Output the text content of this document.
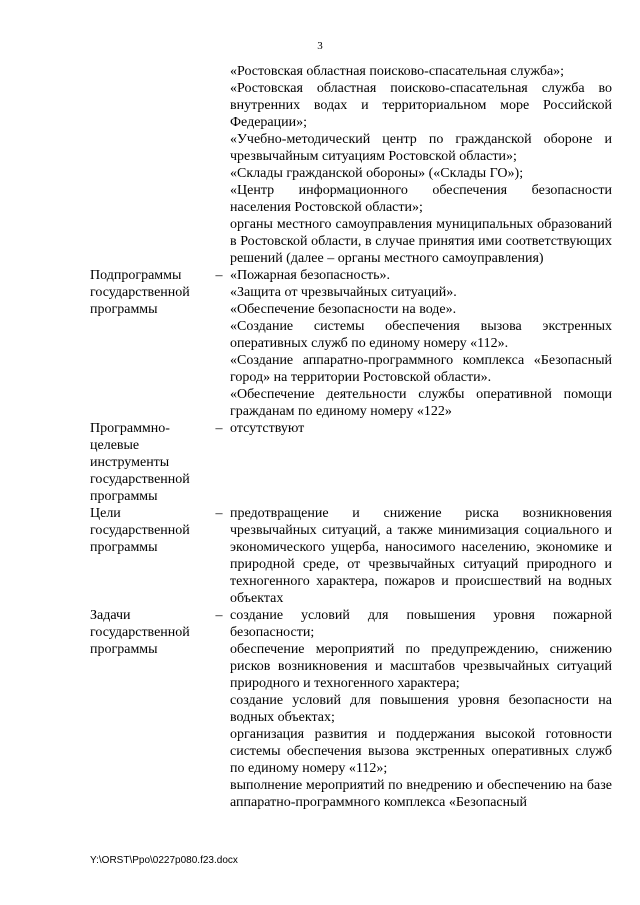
3

«Ростовская областная поисково-спасательная служба»;

«Ростовская областная поисково-спасательная служба во внутренних водах и территориальном море Российской Федерации»;

«Учебно-методический центр по гражданской обороне и чрезвычайным ситуациям Ростовской области»;

«Склады гражданской обороны» («Склады ГО»);

«Центр информационного обеспечения безопасности населения Ростовской области»;

органы местного самоуправления муниципальных образований в Ростовской области, в случае принятия ими соответствующих решений (далее – органы местного самоуправления)

Подпрограммы государственной программы
– «Пожарная безопасность».

«Защита от чрезвычайных ситуаций».

«Обеспечение безопасности на воде».

«Создание системы обеспечения вызова экстренных оперативных служб по единому номеру «112».

«Создание аппаратно-программного комплекса «Безопасный город» на территории Ростовской области».

«Обеспечение деятельности службы оперативной помощи гражданам по единому номеру «122»

Программно-целевые инструменты государственной программы
– отсутствуют

Цели государственной программы
– предотвращение и снижение риска возникновения чрезвычайных ситуаций, а также минимизация социального и экономического ущерба, наносимого населению, экономике и природной среде, от чрезвычайных ситуаций природного и техногенного характера, пожаров и происшествий на водных объектах

Задачи государственной программы
– создание условий для повышения уровня пожарной безопасности;

обеспечение мероприятий по предупреждению, снижению рисков возникновения и масштабов чрезвычайных ситуаций природного и техногенного характера;

создание условий для повышения уровня безопасности на водных объектах;

организация развития и поддержания высокой готовности системы обеспечения вызова экстренных оперативных служб по единому номеру «112»;

выполнение мероприятий по внедрению и обеспечению на базе аппаратно-программного комплекса «Безопасный

Y:\ORST\Ppo\0227p080.f23.docx
